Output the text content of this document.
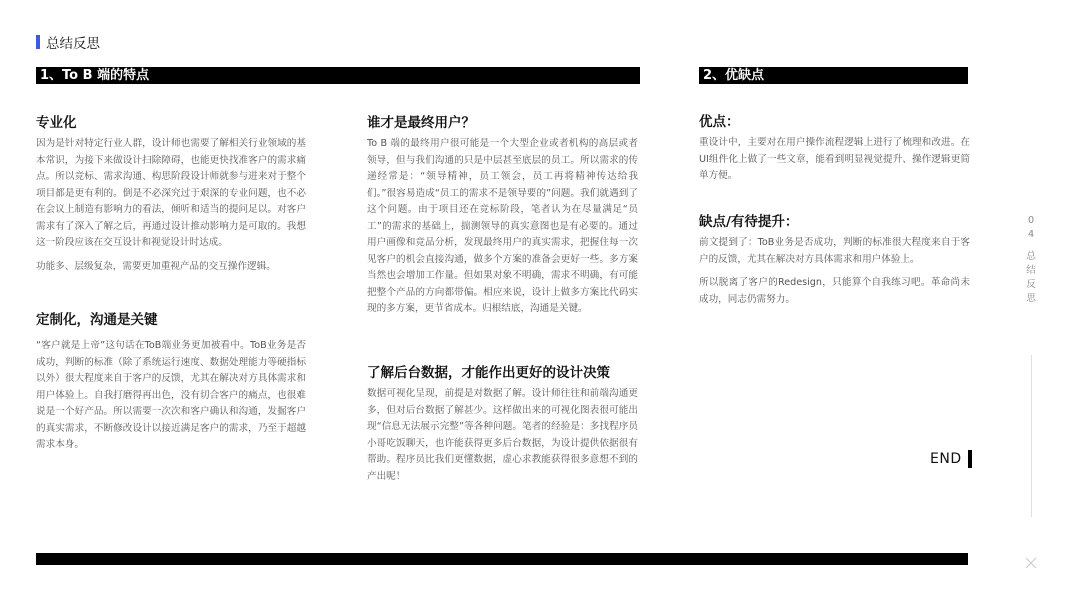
总结反思
1、To B 端的特点	2、优缺点
专业化
因为是针对特定行业人群，设计师也需要了解相关行业领域的基本常识，为接下来做设计扫除障碍，也能更快找准客户的需求痛点。所以竞标、需求沟通、构思阶段设计师就参与进来对于整个项目都是更有利的。倒是不必深究过于艰深的专业问题，也不必在会议上制造有影响力的看法，倾听和适当的提问足以。对客户需求有了深入了解之后，再通过设计推动影响力是可取的。我想这一阶段应该在交互设计和视觉设计时达成。
功能多、层级复杂，需要更加重视产品的交互操作逻辑。
定制化，沟通是关键
“客户就是上帝”这句话在ToB端业务更加被看中。ToB业务是否成功，判断的标准（除了系统运行速度、数据处理能力等硬指标以外）很大程度来自于客户的反馈，尤其在解决对方具体需求和用户体验上。自我打磨得再出色，没有切合客户的痛点，也很难说是一个好产品。所以需要一次次和客户确认和沟通，发掘客户的真实需求，不断修改设计以接近满足客户的需求，乃至于超越需求本身。
谁才是最终用户？
To B 端的最终用户很可能是一个大型企业或者机构的高层或者领导，但与我们沟通的只是中层甚至底层的员工。所以需求的传递经常是：“领导精神，员工领会，员工再将精神传达给我们。”很容易造成“员工的需求不是领导要的”问题。我们就遇到了这个问题。由于项目还在竞标阶段，笔者认为在尽量满足“员工”的需求的基础上，揣测领导的真实意图也是有必要的。通过用户画像和竞品分析，发现最终用户的真实需求，把握住每一次见客户的机会直接沟通，做多个方案的准备会更好一些。多方案当然也会增加工作量。但如果对象不明确，需求不明确，有可能把整个产品的方向都带偏。相应来说，设计上做多方案比代码实现的多方案，更节省成本。归根结底，沟通是关键。
了解后台数据，才能作出更好的设计决策
数据可视化呈现，前提是对数据了解。设计师往往和前端沟通更多，但对后台数据了解甚少。这样做出来的可视化图表很可能出现“信息无法展示完整”等各种问题。笔者的经验是：多找程序员小哥吃饭聊天，也许能获得更多后台数据，为设计提供依据很有帮助。程序员比我们更懂数据，虚心求教能获得很多意想不到的产出呢！
优点：
重设计中，主要对在用户操作流程逻辑上进行了梳理和改进。在UI组件化上做了一些文章，能看到明显视觉提升、操作逻辑更简单方便。
缺点/有待提升：
前文提到了：ToB业务是否成功，判断的标准很大程度来自于客户的反馈，尤其在解决对方具体需求和用户体验上。
所以脱离了客户的Redesign，只能算个自我练习吧。革命尚未成功，同志仍需努力。
0
4
总
结
反
思
END
